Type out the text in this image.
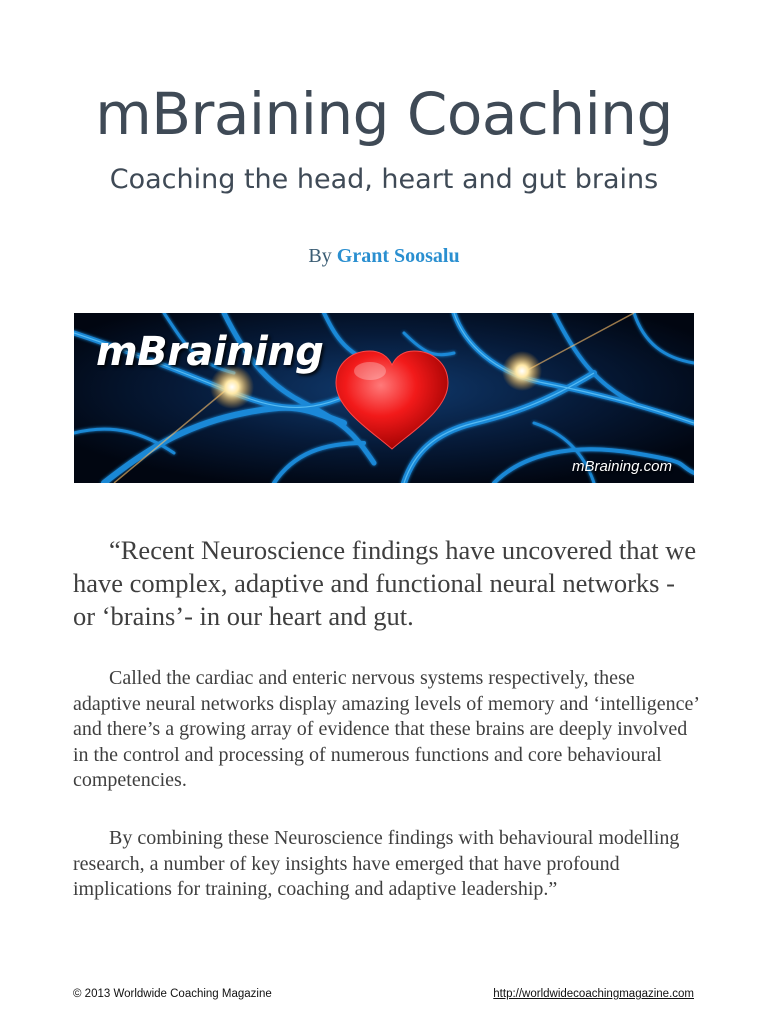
mBraining Coaching
Coaching the head, heart and gut brains
By Grant Soosalu
mBraining
mBraining.com

“Recent Neuroscience findings have uncovered that we have complex, adaptive and functional neural networks - or ‘brains’- in our heart and gut.

Called the cardiac and enteric nervous systems respectively, these adaptive neural networks display amazing levels of memory and ‘intelligence’ and there’s a growing array of evidence that these brains are deeply involved in the control and processing of numerous functions and core behavioural competencies.

By combining these Neuroscience findings with behavioural modelling research, a number of key insights have emerged that have profound implications for training, coaching and adaptive leadership.”

© 2013 Worldwide Coaching Magazine	http://worldwidecoachingmagazine.com
